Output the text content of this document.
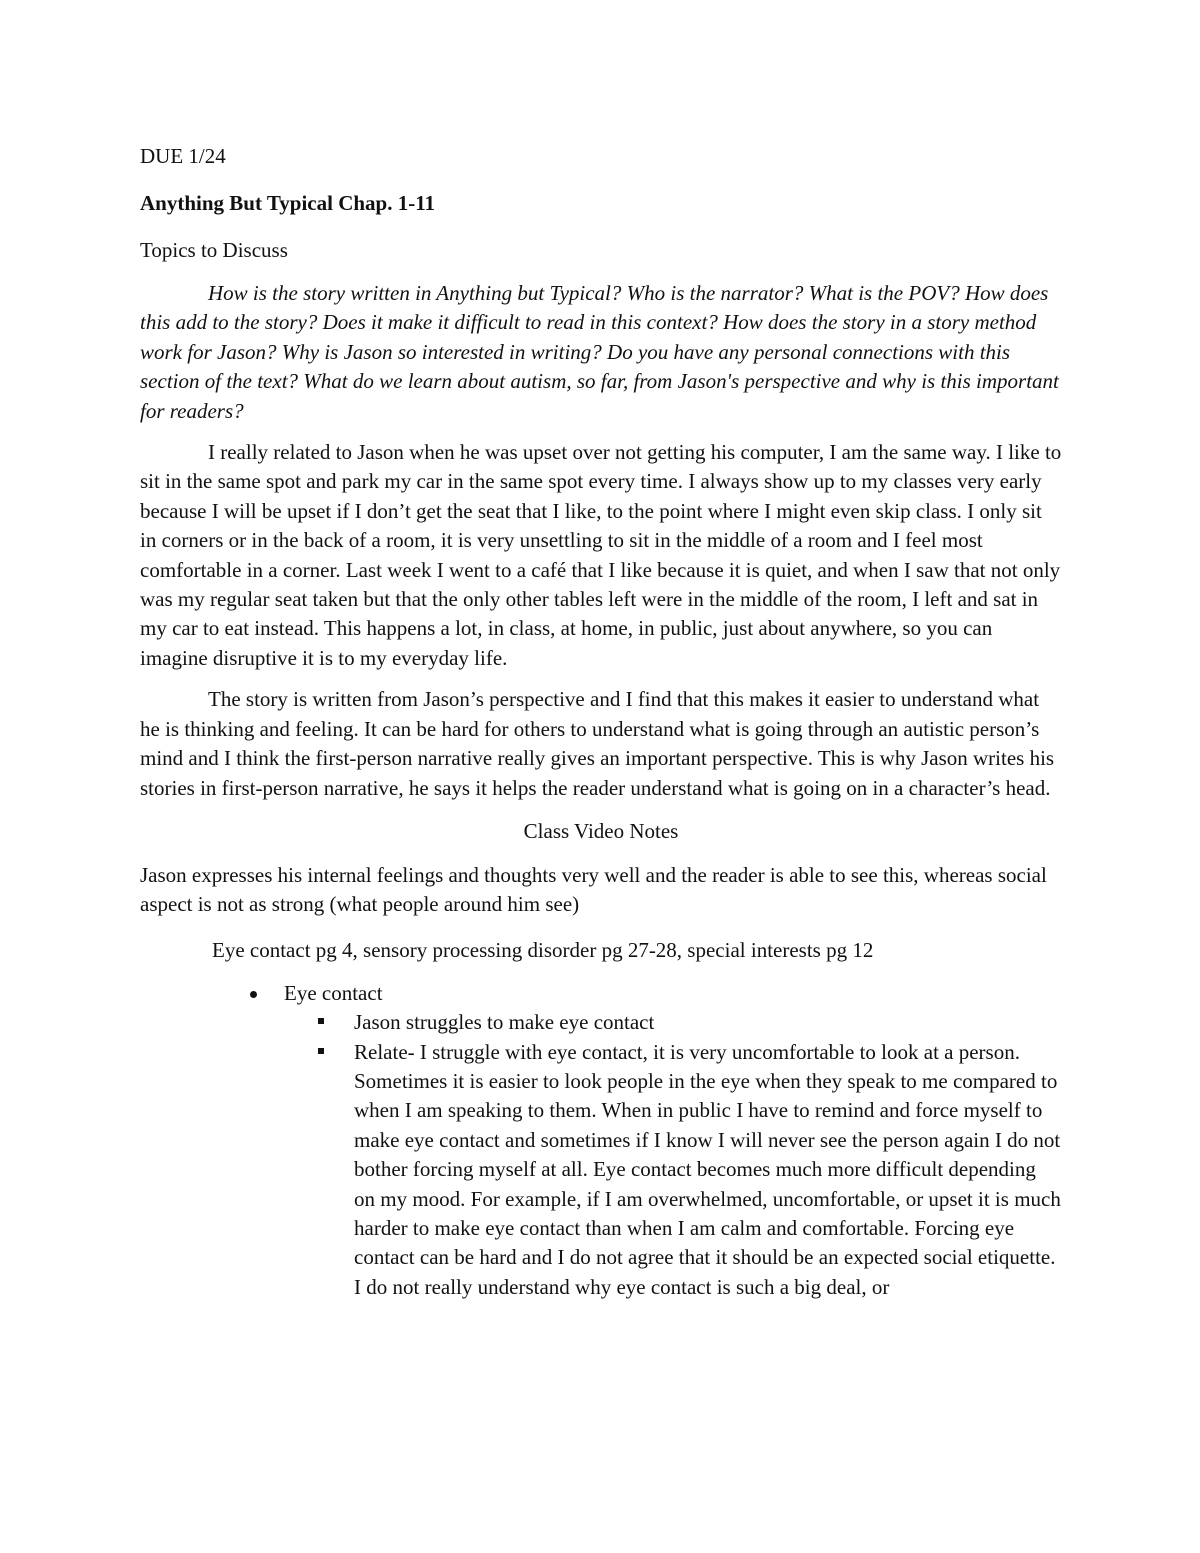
DUE 1/24
Anything But Typical Chap. 1-11
Topics to Discuss

How is the story written in Anything but Typical? Who is the narrator? What is the POV? How does this add to the story? Does it make it difficult to read in this context? How does the story in a story method work for Jason? Why is Jason so interested in writing? Do you have any personal connections with this section of the text? What do we learn about autism, so far, from Jason's perspective and why is this important for readers?

I really related to Jason when he was upset over not getting his computer, I am the same way. I like to sit in the same spot and park my car in the same spot every time. I always show up to my classes very early because I will be upset if I don’t get the seat that I like, to the point where I might even skip class. I only sit in corners or in the back of a room, it is very unsettling to sit in the middle of a room and I feel most comfortable in a corner. Last week I went to a café that I like because it is quiet, and when I saw that not only was my regular seat taken but that the only other tables left were in the middle of the room, I left and sat in my car to eat instead. This happens a lot, in class, at home, in public, just about anywhere, so you can imagine disruptive it is to my everyday life.

The story is written from Jason’s perspective and I find that this makes it easier to understand what he is thinking and feeling. It can be hard for others to understand what is going through an autistic person’s mind and I think the first-person narrative really gives an important perspective. This is why Jason writes his stories in first-person narrative, he says it helps the reader understand what is going on in a character’s head.

Class Video Notes

Jason expresses his internal feelings and thoughts very well and the reader is able to see this, whereas social aspect is not as strong (what people around him see)

Eye contact pg 4, sensory processing disorder pg 27-28, special interests pg 12
Eye contact
Jason struggles to make eye contact
Relate- I struggle with eye contact, it is very uncomfortable to look at a person. Sometimes it is easier to look people in the eye when they speak to me compared to when I am speaking to them. When in public I have to remind and force myself to make eye contact and sometimes if I know I will never see the person again I do not bother forcing myself at all. Eye contact becomes much more difficult depending on my mood. For example, if I am overwhelmed, uncomfortable, or upset it is much harder to make eye contact than when I am calm and comfortable. Forcing eye contact can be hard and I do not agree that it should be an expected social etiquette. I do not really understand why eye contact is such a big deal, or
